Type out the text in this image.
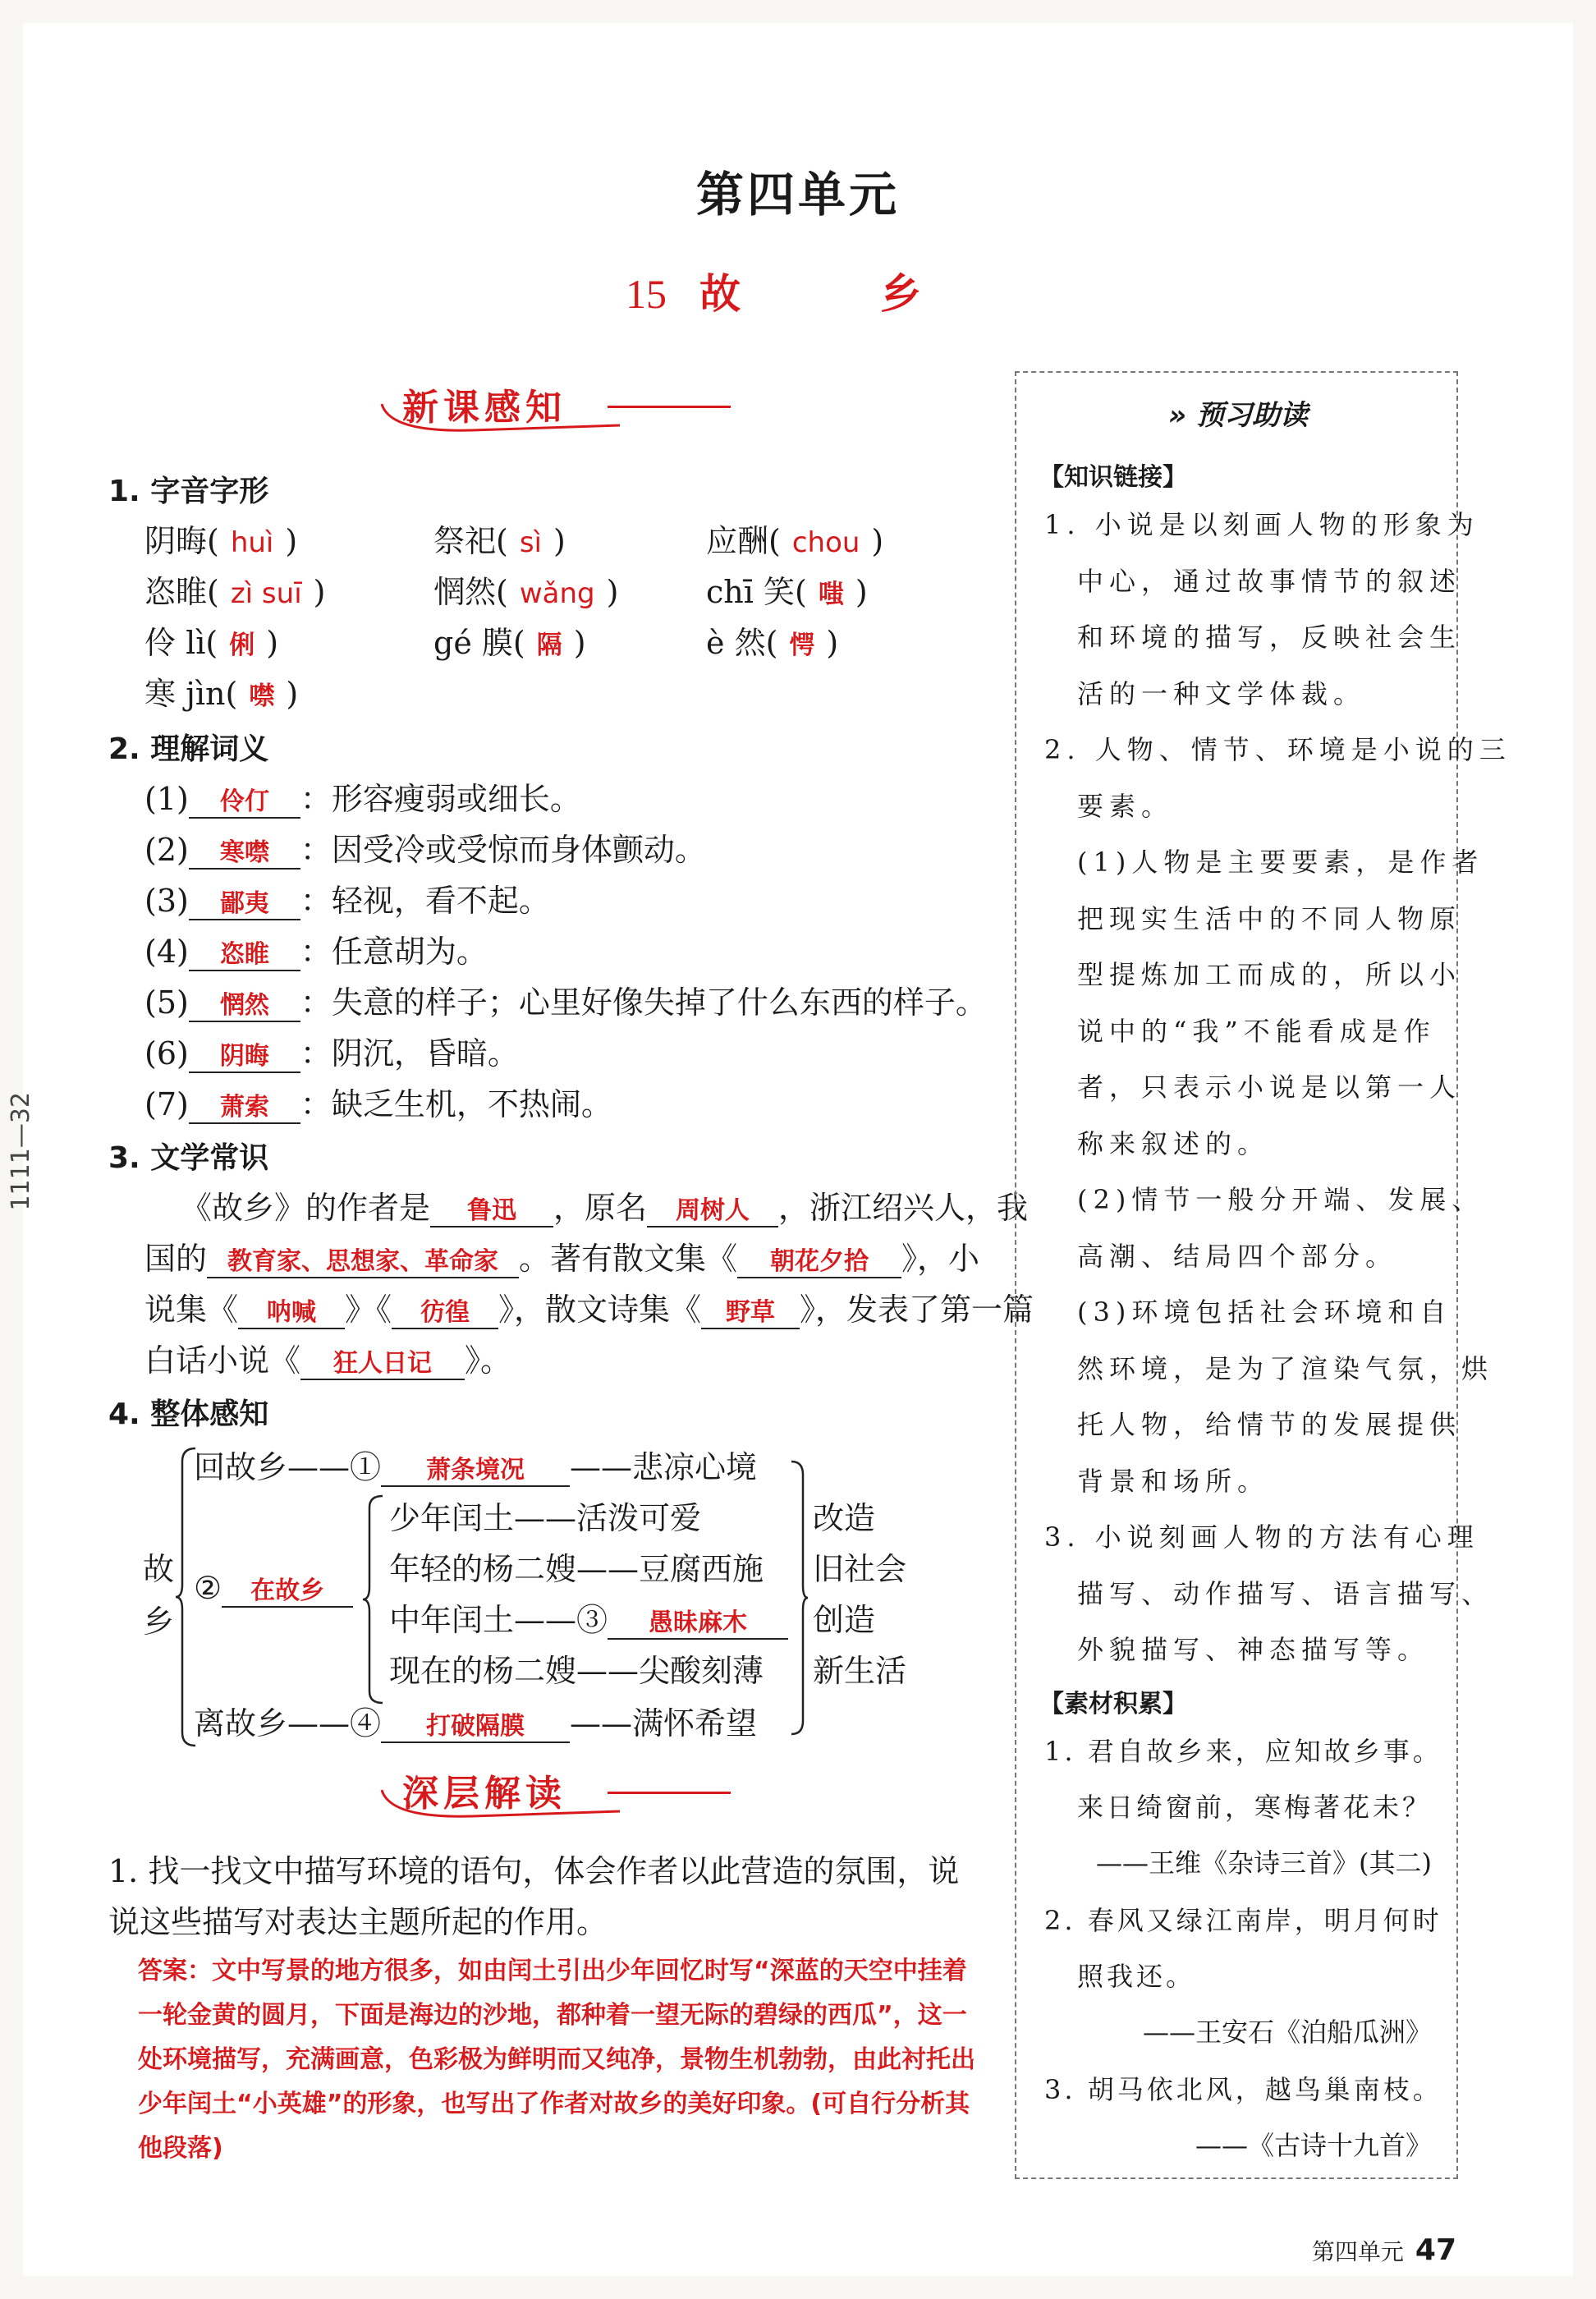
第四单元
15 故　乡
新课感知
1. 字音字形
阴晦( huì )	祭祀( sì )	应酬( chou )
恣睢( zì suī )	惘然( wǎng )	chī 笑( 嗤 )
伶 lì( 俐 )	gé 膜( 隔 )	è 然( 愕 )
寒 jìn( 噤 )
2. 理解词义
(1) 伶仃 ：形容瘦弱或细长。
(2) 寒噤 ：因受冷或受惊而身体颤动。
(3) 鄙夷 ：轻视，看不起。
(4) 恣睢 ：任意胡为。
(5) 惘然 ：失意的样子；心里好像失掉了什么东西的样子。
(6) 阴晦 ：阴沉，昏暗。
(7) 萧索 ：缺乏生机，不热闹。
3. 文学常识
《故乡》的作者是 鲁迅 ，原名 周树人 ，浙江绍兴人，我
国的 教育家、思想家、革命家 。著有散文集《 朝花夕拾 》，小
说集《 呐喊 》《 彷徨 》，散文诗集《 野草 》，发表了第一篇
白话小说《 狂人日记 》。
4. 整体感知
故
乡
回故乡——① 萧条境况 ——悲凉心境
② 在故乡
少年闰土——活泼可爱
年轻的杨二嫂——豆腐西施
中年闰土——③ 愚昧麻木
现在的杨二嫂——尖酸刻薄
改造
旧社会
创造
新生活
离故乡——④ 打破隔膜 ——满怀希望
深层解读
1. 找一找文中描写环境的语句，体会作者以此营造的氛围，说说这些描写对表达主题所起的作用。
答案：文中写景的地方很多，如由闰土引出少年回忆时写“深蓝的天空中挂着一轮金黄的圆月，下面是海边的沙地，都种着一望无际的碧绿的西瓜”，这一处环境描写，充满画意，色彩极为鲜明而又纯净，景物生机勃勃，由此衬托出少年闰土“小英雄”的形象，也写出了作者对故乡的美好印象。(可自行分析其他段落)
» 预习助读
【知识链接】
1. 小说是以刻画人物的形象为
中心，通过故事情节的叙述
和环境的描写，反映社会生
活的一种文学体裁。
2. 人物、情节、环境是小说的三
要素。
(1)人物是主要要素，是作者
把现实生活中的不同人物原
型提炼加工而成的，所以小
说中的“我”不能看成是作
者，只表示小说是以第一人
称来叙述的。
(2)情节一般分开端、发展、
高潮、结局四个部分。
(3)环境包括社会环境和自
然环境，是为了渲染气氛，烘
托人物，给情节的发展提供
背景和场所。
3. 小说刻画人物的方法有心理
描写、动作描写、语言描写、
外貌描写、神态描写等。
【素材积累】
1. 君自故乡来，应知故乡事。
来日绮窗前，寒梅著花未？
——王维《杂诗三首》(其二)
2. 春风又绿江南岸，明月何时
照我还。
——王安石《泊船瓜洲》
3. 胡马依北风，越鸟巢南枝。
——《古诗十九首》
1111—32
第四单元 47
